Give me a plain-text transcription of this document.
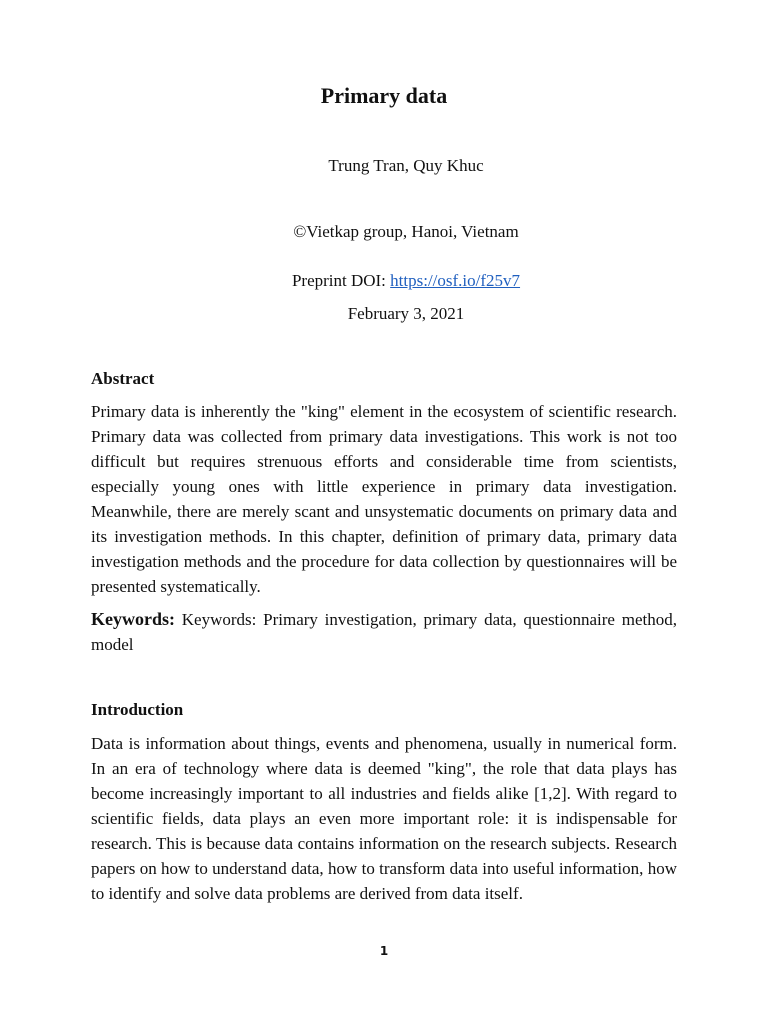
Primary data

Trung Tran, Quy Khuc

©Vietkap group, Hanoi, Vietnam

Preprint DOI: https://osf.io/f25v7

February 3, 2021

Abstract

Primary data is inherently the "king" element in the ecosystem of scientific research. Primary data was collected from primary data investigations. This work is not too difficult but requires strenuous efforts and considerable time from scientists, especially young ones with little experience in primary data investigation. Meanwhile, there are merely scant and unsystematic documents on primary data and its investigation methods. In this chapter, definition of primary data, primary data investigation methods and the procedure for data collection by questionnaires will be presented systematically.

Keywords: Keywords: Primary investigation, primary data, questionnaire method, model

Introduction

Data is information about things, events and phenomena, usually in numerical form. In an era of technology where data is deemed "king", the role that data plays has become increasingly important to all industries and fields alike [1,2]. With regard to scientific fields, data plays an even more important role: it is indispensable for research. This is because data contains information on the research subjects. Research papers on how to understand data, how to transform data into useful information, how to identify and solve data problems are derived from data itself.

1
